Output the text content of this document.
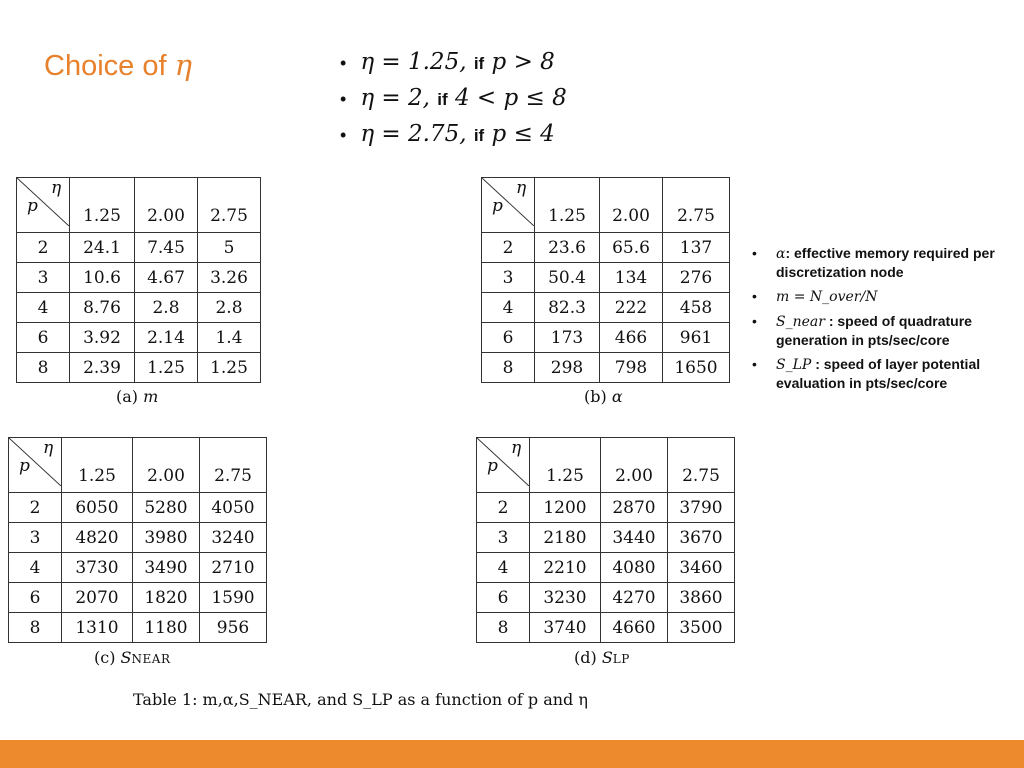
Choice of η	• η = 1.25, if p > 8
• η = 2, if 4 < p ≤ 8
• η = 2.75, if p ≤ 4
η
p	1.25	2.00	2.75
2	24.1	7.45	5
3	10.6	4.67	3.26
4	8.76	2.8	2.8
6	3.92	2.14	1.4
8	2.39	1.25	1.25
(a) m
η
p	1.25	2.00	2.75
2	23.6	65.6	137
3	50.4	134	276
4	82.3	222	458
6	173	466	961
8	298	798	1650
(b) α
• α: effective memory required per discretization node
• m = N_over/N
• S_near : speed of quadrature generation in pts/sec/core
• S_LP : speed of layer potential evaluation in pts/sec/core
η
p	1.25	2.00	2.75
2	6050	5280	4050
3	4820	3980	3240
4	3730	3490	2710
6	2070	1820	1590
8	1310	1180	956
(c) SNEAR
η
p	1.25	2.00	2.75
2	1200	2870	3790
3	2180	3440	3670
4	2210	4080	3460
6	3230	4270	3860
8	3740	4660	3500
(d) SLP
Table 1: m,α,S_NEAR, and S_LP as a function of p and η
